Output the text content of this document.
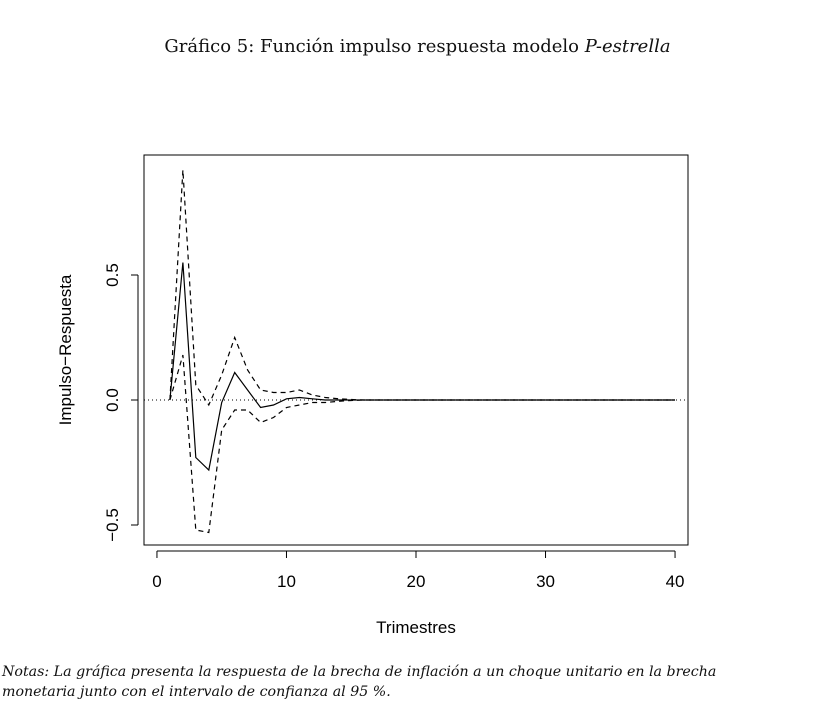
Gráfico 5: Función impulso respuesta modelo P-estrella
0	10	20	30	40
−0.5
0.0
0.5
Trimestres
Impulso−Respuesta
Notas: La gráfica presenta la respuesta de la brecha de inflación a un choque unitario en la brecha
monetaria junto con el intervalo de confianza al 95 %.
